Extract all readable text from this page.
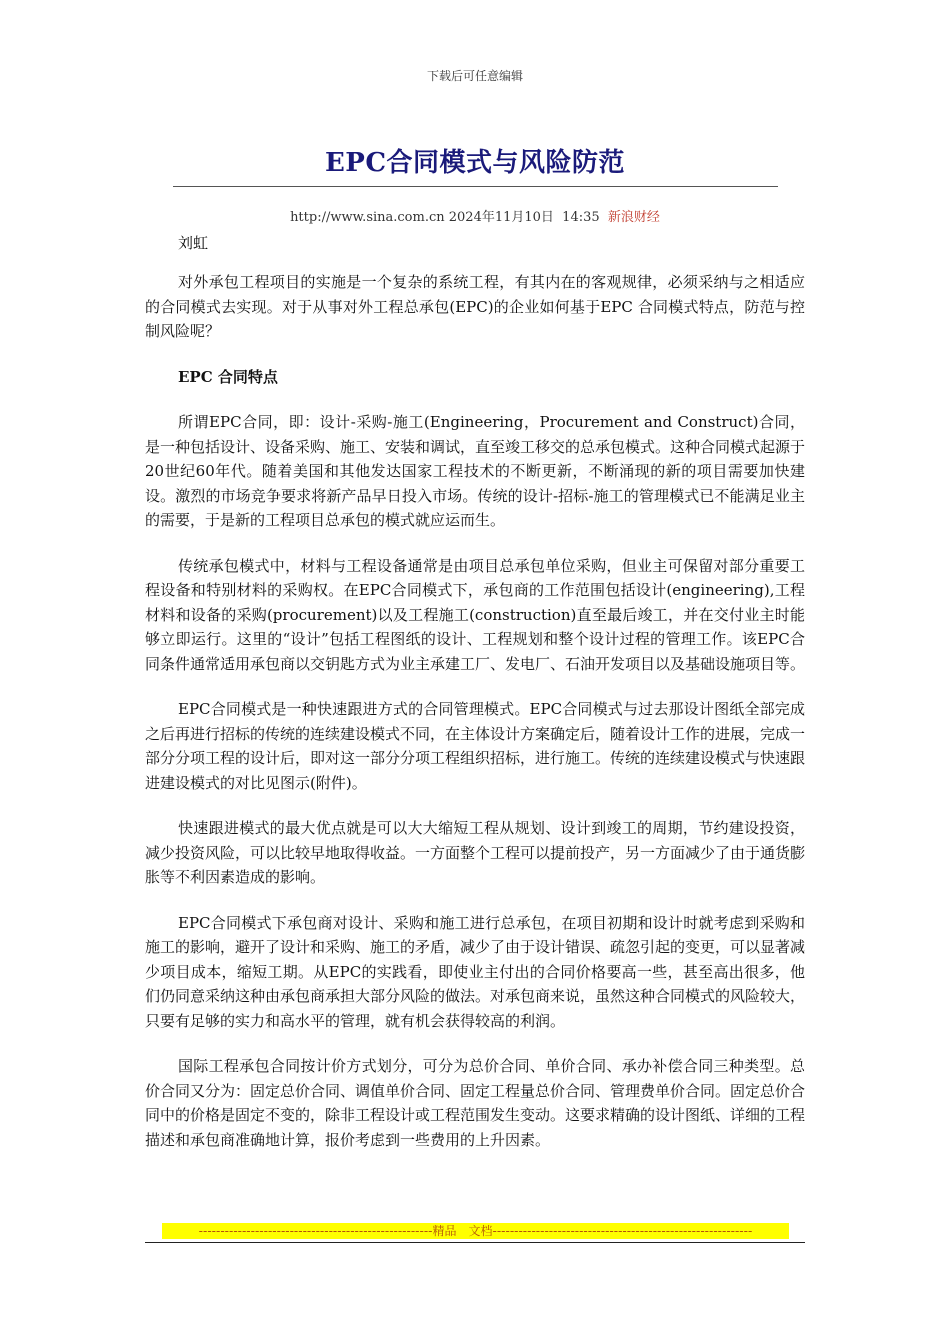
下载后可任意编辑
EPC合同模式与风险防范
http://www.sina.com.cn 2024年11月10日  14:35  新浪财经
刘虹

对外承包工程项目的实施是一个复杂的系统工程，有其内在的客观规律，必须采纳与之相适应的合同模式去实现。对于从事对外工程总承包(EPC)的企业如何基于EPC 合同模式特点，防范与控制风险呢？

EPC 合同特点

所谓EPC合同，即：设计-采购-施工(Engineering，Procurement and Construct)合同，是一种包括设计、设备采购、施工、安装和调试，直至竣工移交的总承包模式。这种合同模式起源于20世纪60年代。随着美国和其他发达国家工程技术的不断更新，不断涌现的新的项目需要加快建设。激烈的市场竞争要求将新产品早日投入市场。传统的设计-招标-施工的管理模式已不能满足业主的需要，于是新的工程项目总承包的模式就应运而生。

传统承包模式中，材料与工程设备通常是由项目总承包单位采购，但业主可保留对部分重要工程设备和特别材料的采购权。在EPC合同模式下，承包商的工作范围包括设计(engineering),工程材料和设备的采购(procurement)以及工程施工(construction)直至最后竣工，并在交付业主时能够立即运行。这里的“设计”包括工程图纸的设计、工程规划和整个设计过程的管理工作。该EPC合同条件通常适用承包商以交钥匙方式为业主承建工厂、发电厂、石油开发项目以及基础设施项目等。

EPC合同模式是一种快速跟进方式的合同管理模式。EPC合同模式与过去那设计图纸全部完成之后再进行招标的传统的连续建设模式不同，在主体设计方案确定后，随着设计工作的进展，完成一部分分项工程的设计后，即对这一部分分项工程组织招标，进行施工。传统的连续建设模式与快速跟进建设模式的对比见图示(附件)。

快速跟进模式的最大优点就是可以大大缩短工程从规划、设计到竣工的周期，节约建设投资，减少投资风险，可以比较早地取得收益。一方面整个工程可以提前投产，另一方面减少了由于通货膨胀等不利因素造成的影响。

EPC合同模式下承包商对设计、采购和施工进行总承包，在项目初期和设计时就考虑到采购和施工的影响，避开了设计和采购、施工的矛盾，减少了由于设计错误、疏忽引起的变更，可以显著减少项目成本，缩短工期。从EPC的实践看，即使业主付出的合同价格要高一些，甚至高出很多，他们仍同意采纳这种由承包商承担大部分风险的做法。对承包商来说，虽然这种合同模式的风险较大，只要有足够的实力和高水平的管理，就有机会获得较高的利润。

国际工程承包合同按计价方式划分，可分为总价合同、单价合同、承办补偿合同三种类型。总价合同又分为：固定总价合同、调值单价合同、固定工程量总价合同、管理费单价合同。固定总价合同中的价格是固定不变的，除非工程设计或工程范围发生变动。这要求精确的设计图纸、详细的工程描述和承包商准确地计算，报价考虑到一些费用的上升因素。

------------------------------------------------------精品　文档------------------------------------------------------------
